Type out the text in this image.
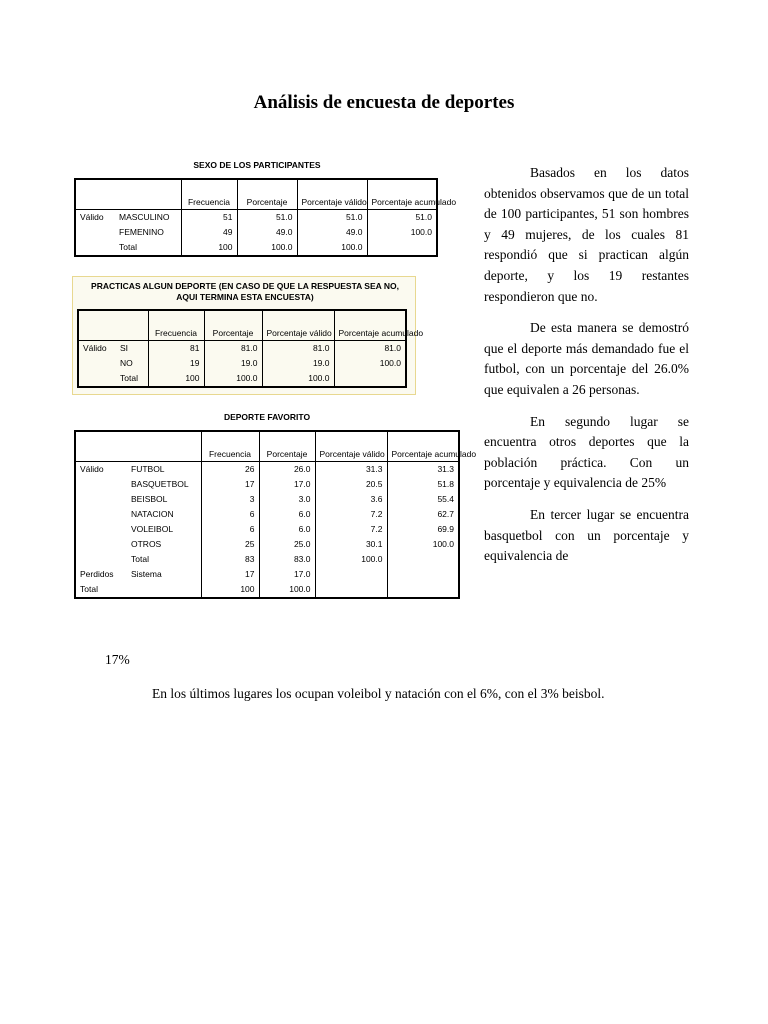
Análisis de encuesta de deportes
SEXO DE LOS PARTICIPANTES
		Frecuencia	Porcentaje	Porcentaje válido	Porcentaje acumulado
Válido	MASCULINO	51	51.0	51.0	51.0
	FEMENINO	49	49.0	49.0	100.0
	Total	100	100.0	100.0	
PRACTICAS ALGUN DEPORTE (EN CASO DE QUE LA RESPUESTA SEA NO,
AQUI TERMINA ESTA ENCUESTA)
		Frecuencia	Porcentaje	Porcentaje válido	Porcentaje acumulado
Válido	SI	81	81.0	81.0	81.0
	NO	19	19.0	19.0	100.0
	Total	100	100.0	100.0	
DEPORTE FAVORITO
		Frecuencia	Porcentaje	Porcentaje válido	Porcentaje acumulado
Válido	FUTBOL	26	26.0	31.3	31.3
	BASQUETBOL	17	17.0	20.5	51.8
	BEISBOL	3	3.0	3.6	55.4
	NATACION	6	6.0	7.2	62.7
	VOLEIBOL	6	6.0	7.2	69.9
	OTROS	25	25.0	30.1	100.0
	Total	83	83.0	100.0	
Perdidos	Sistema	17	17.0		
Total		100	100.0		

Basados en los datos obtenidos observamos que de un total de 100 participantes, 51 son hombres y 49 mujeres, de los cuales 81 respondió que si practican algún deporte, y los 19 restantes respondieron que no.

De esta manera se demostró que el deporte más demandado fue el futbol, con un porcentaje del 26.0% que equivalen a 26 personas.

En segundo lugar se encuentra otros deportes que la población práctica. Con un porcentaje y equivalencia de 25%

En tercer lugar se encuentra basquetbol con un porcentaje y equivalencia de

17%
En los últimos lugares los ocupan voleibol y natación con el 6%, con el 3% beisbol.
